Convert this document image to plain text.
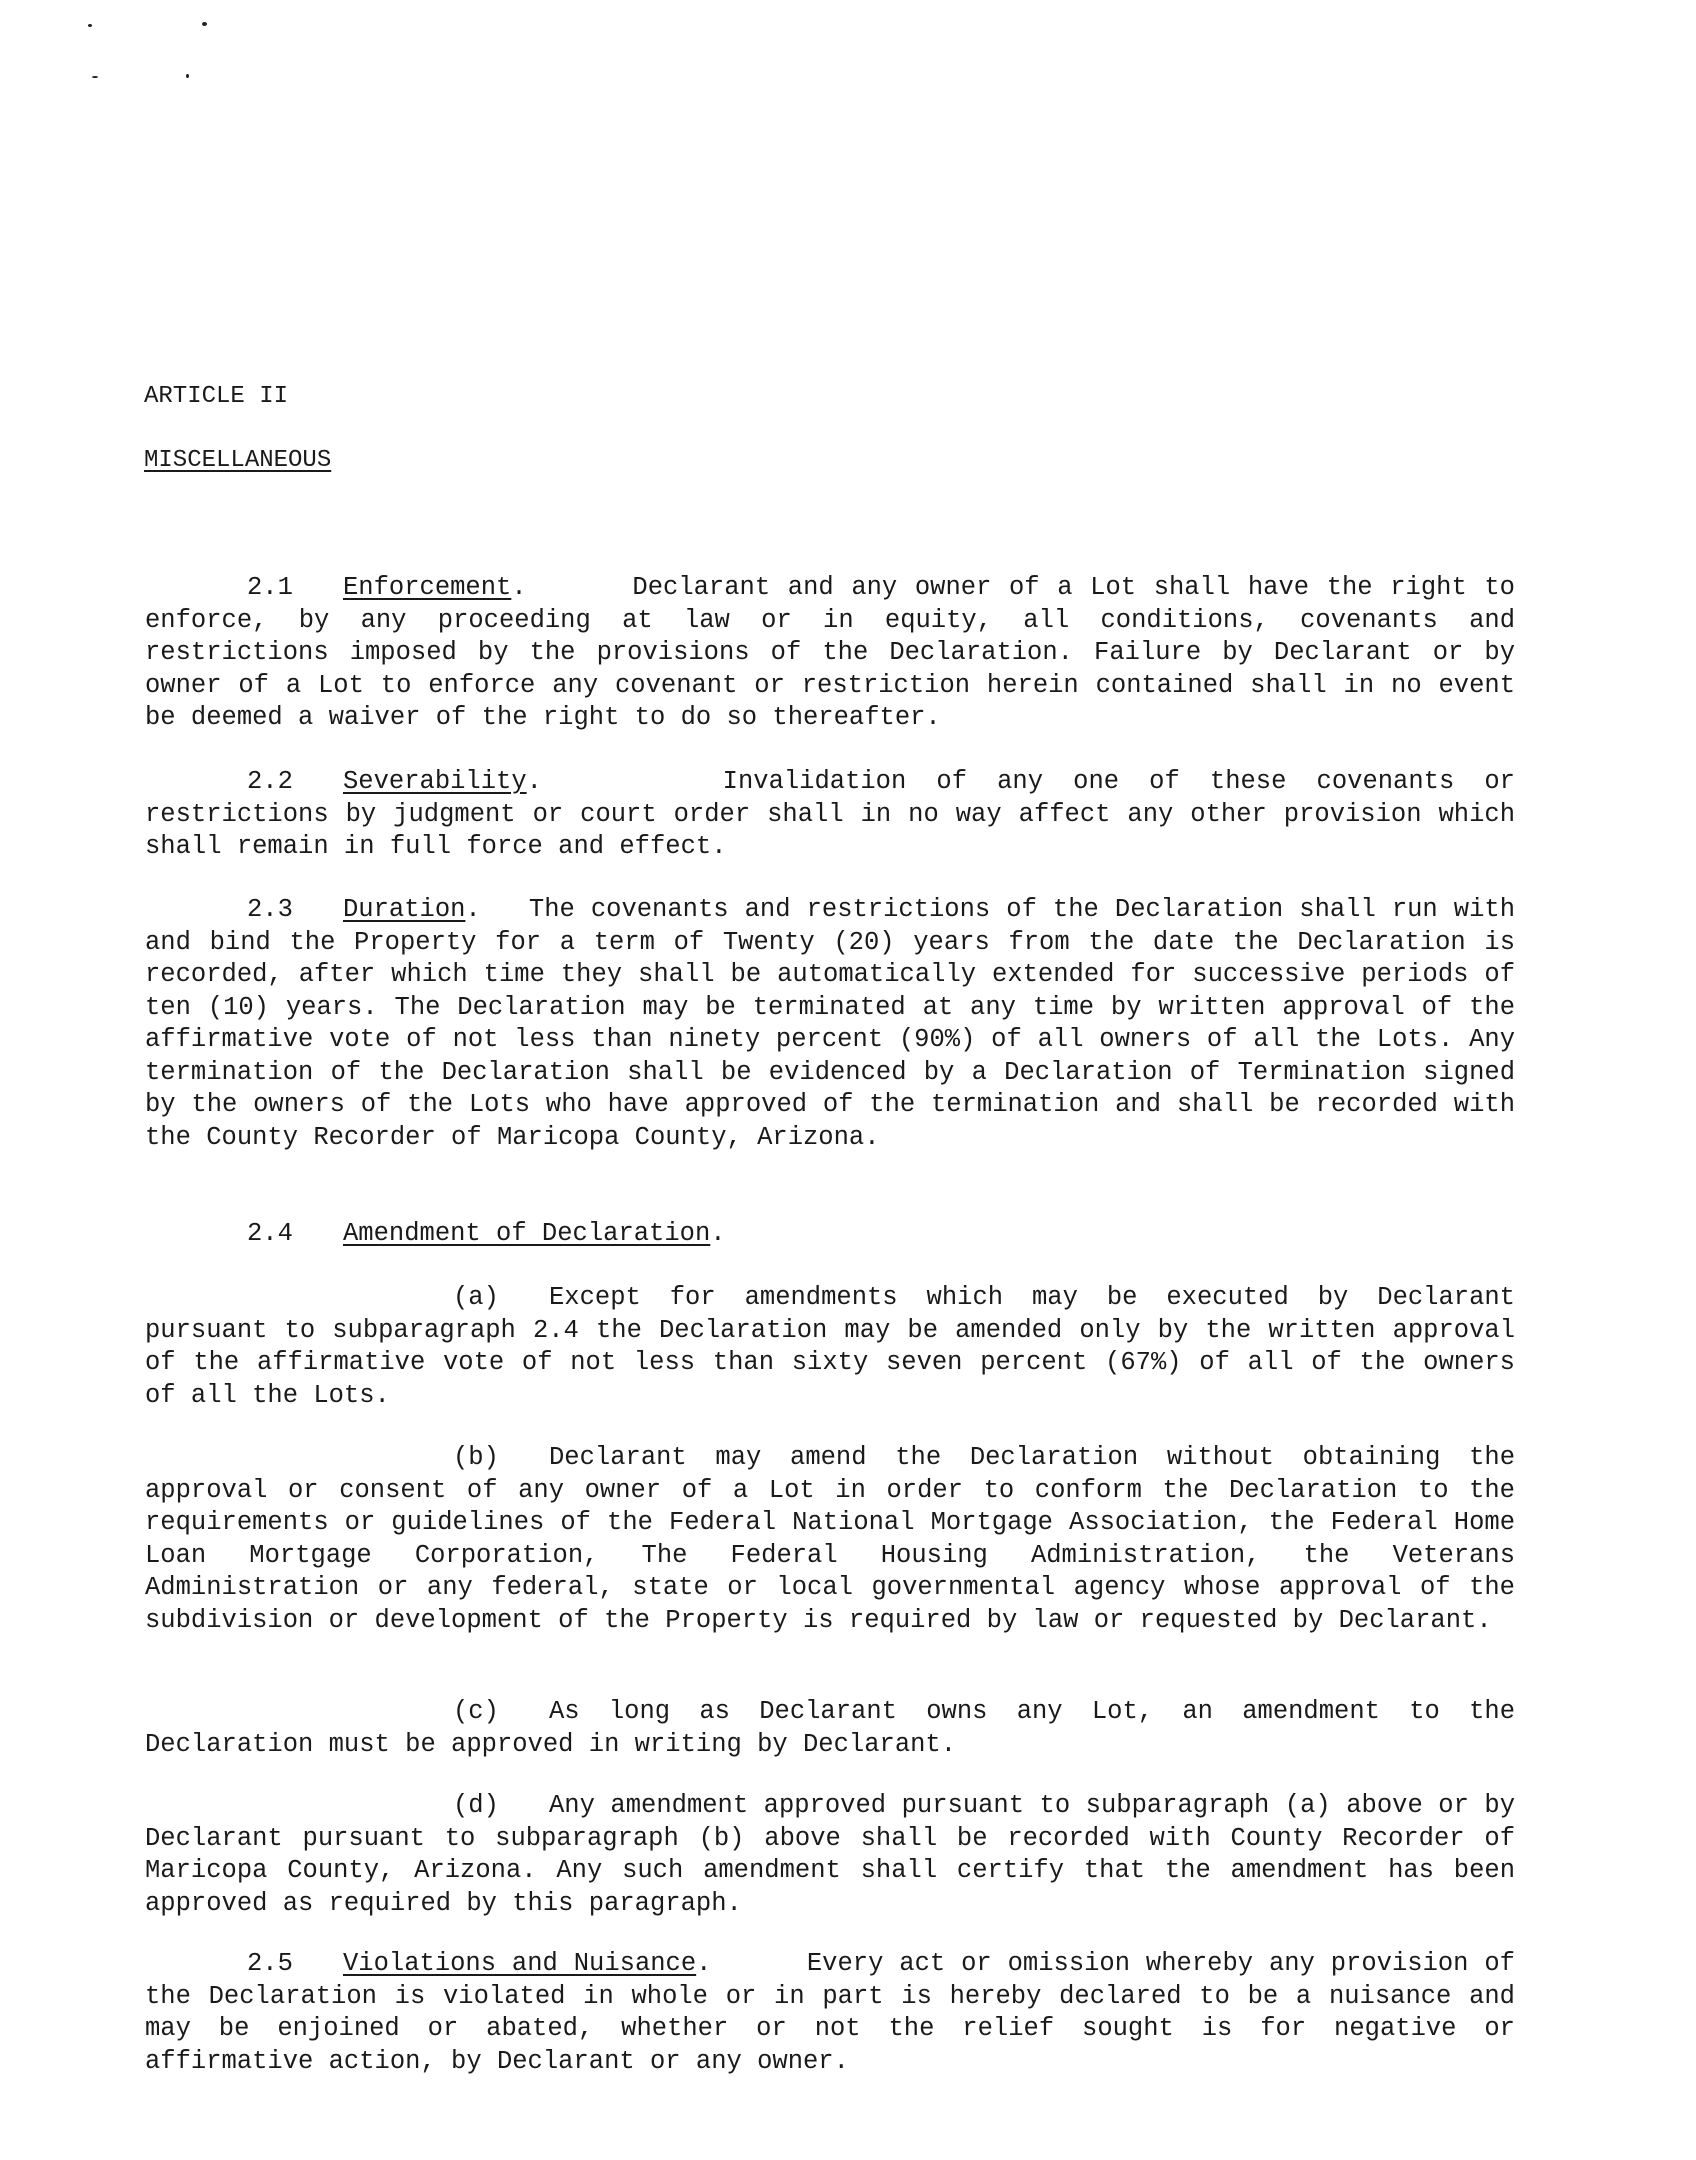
ARTICLE II

MISCELLANEOUS

2.1 Enforcement.      Declarant and any owner of a Lot shall have the right to enforce, by any proceeding at law or in equity, all conditions, covenants and restrictions imposed by the provisions of the Declaration. Failure by Declarant or by owner of a Lot to enforce any covenant or restriction herein contained shall in no event be deemed a waiver of the right to do so thereafter.

2.2 Severability.      Invalidation of any one of these covenants or restrictions by judgment or court order shall in no way affect any other provision which shall remain in full force and effect.

2.3 Duration.   The covenants and restrictions of the Declaration shall run with and bind the Property for a term of Twenty (20) years from the date the Declaration is recorded, after which time they shall be automatically extended for successive periods of ten (10) years. The Declaration may be terminated at any time by written approval of the affirmative vote of not less than ninety percent (90%) of all owners of all the Lots. Any termination of the Declaration shall be evidenced by a Declaration of Termination signed by the owners of the Lots who have approved of the termination and shall be recorded with the County Recorder of Maricopa County, Arizona.

2.4 Amendment of Declaration.

(a) Except for amendments which may be executed by Declarant pursuant to subparagraph 2.4 the Declaration may be amended only by the written approval of the affirmative vote of not less than sixty seven percent (67%) of all of the owners of all the Lots.

(b) Declarant may amend the Declaration without obtaining the approval or consent of any owner of a Lot in order to conform the Declaration to the requirements or guidelines of the Federal National Mortgage Association, the Federal Home Loan Mortgage Corporation, The Federal Housing Administration, the Veterans Administration or any federal, state or local governmental agency whose approval of the subdivision or development of the Property is required by law or requested by Declarant.

(c) As long as Declarant owns any Lot, an amendment to the Declaration must be approved in writing by Declarant.

(d) Any amendment approved pursuant to subparagraph (a) above or by Declarant pursuant to subparagraph (b) above shall be recorded with County Recorder of Maricopa County, Arizona. Any such amendment shall certify that the amendment has been approved as required by this paragraph.

2.5 Violations and Nuisance.      Every act or omission whereby any provision of the Declaration is violated in whole or in part is hereby declared to be a nuisance and may be enjoined or abated, whether or not the relief sought is for negative or affirmative action, by Declarant or any owner.
